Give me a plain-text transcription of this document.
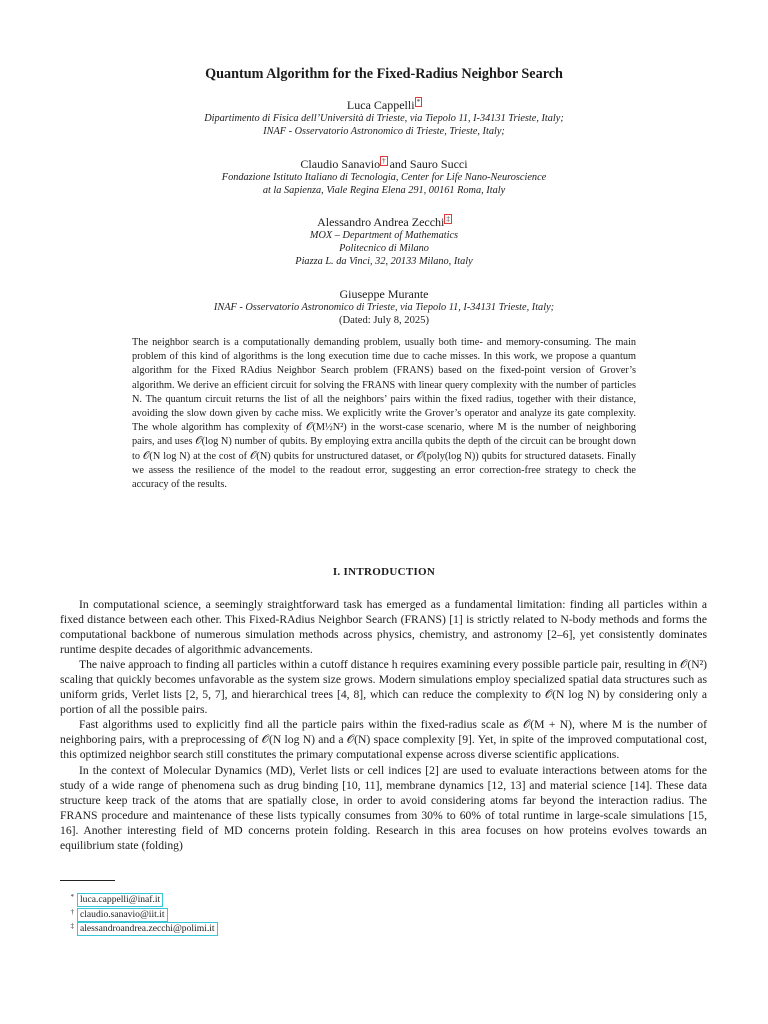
Quantum Algorithm for the Fixed-Radius Neighbor Search
Luca Cappelli *
Dipartimento di Fisica dell’Università di Trieste, via Tiepolo 11, I-34131 Trieste, Italy;
INAF - Osservatorio Astronomico di Trieste, Trieste, Italy;
Claudio Sanavio † and Sauro Succi
Fondazione Istituto Italiano di Tecnologia, Center for Life Nano-Neuroscience
at la Sapienza, Viale Regina Elena 291, 00161 Roma, Italy
Alessandro Andrea Zecchi ‡
MOX – Department of Mathematics
Politecnico di Milano
Piazza L. da Vinci, 32, 20133 Milano, Italy
Giuseppe Murante
INAF - Osservatorio Astronomico di Trieste, via Tiepolo 11, I-34131 Trieste, Italy;
(Dated: July 8, 2025)
The neighbor search is a computationally demanding problem, usually both time- and memory-consuming. The main problem of this kind of algorithms is the long execution time due to cache misses. In this work, we propose a quantum algorithm for the Fixed RAdius Neighbor Search problem (FRANS) based on the fixed-point version of Grover’s algorithm. We derive an efficient circuit for solving the FRANS with linear query complexity with the number of particles N. The quantum circuit returns the list of all the neighbors’ pairs within the fixed radius, together with their distance, avoiding the slow down given by cache miss. We explicitly write the Grover’s operator and analyze its gate complexity. The whole algorithm has complexity of 𝒪(M½N²) in the worst-case scenario, where M is the number of neighboring pairs, and uses 𝒪(log N) number of qubits. By employing extra ancilla qubits the depth of the circuit can be brought down to 𝒪(N log N) at the cost of 𝒪(N) qubits for unstructured dataset, or 𝒪(poly(log N)) qubits for structured datasets. Finally we assess the resilience of the model to the readout error, suggesting an error correction-free strategy to check the accuracy of the results.
I. INTRODUCTION

In computational science, a seemingly straightforward task has emerged as a fundamental limitation: finding all particles within a fixed distance between each other. This Fixed-RAdius Neighbor Search (FRANS) [1] is strictly related to N-body methods and forms the computational backbone of numerous simulation methods across physics, chemistry, and astronomy [2–6], yet consistently dominates runtime despite decades of algorithmic advancements.

The naive approach to finding all particles within a cutoff distance h requires examining every possible particle pair, resulting in 𝒪(N²) scaling that quickly becomes unfavorable as the system size grows. Modern simulations employ specialized spatial data structures such as uniform grids, Verlet lists [2, 5, 7], and hierarchical trees [4, 8], which can reduce the complexity to 𝒪(N log N) by considering only a portion of all the possible pairs.

Fast algorithms used to explicitly find all the particle pairs within the fixed-radius scale as 𝒪(M + N), where M is the number of neighboring pairs, with a preprocessing of 𝒪(N log N) and a 𝒪(N) space complexity [9]. Yet, in spite of the improved computational cost, this optimized neighbor search still constitutes the primary computational expense across diverse scientific applications.

In the context of Molecular Dynamics (MD), Verlet lists or cell indices [2] are used to evaluate interactions between atoms for the study of a wide range of phenomena such as drug binding [10, 11], membrane dynamics [12, 13] and material science [14]. These data structure keep track of the atoms that are spatially close, in order to avoid considering atoms far beyond the interaction radius. The FRANS procedure and maintenance of these lists typically consumes from 30% to 60% of total runtime in large-scale simulations [15, 16]. Another interesting field of MD concerns protein folding. Research in this area focuses on how proteins evolves towards an equilibrium state (folding)

* luca.cappelli@inaf.it
† claudio.sanavio@iit.it
‡ alessandroandrea.zecchi@polimi.it
